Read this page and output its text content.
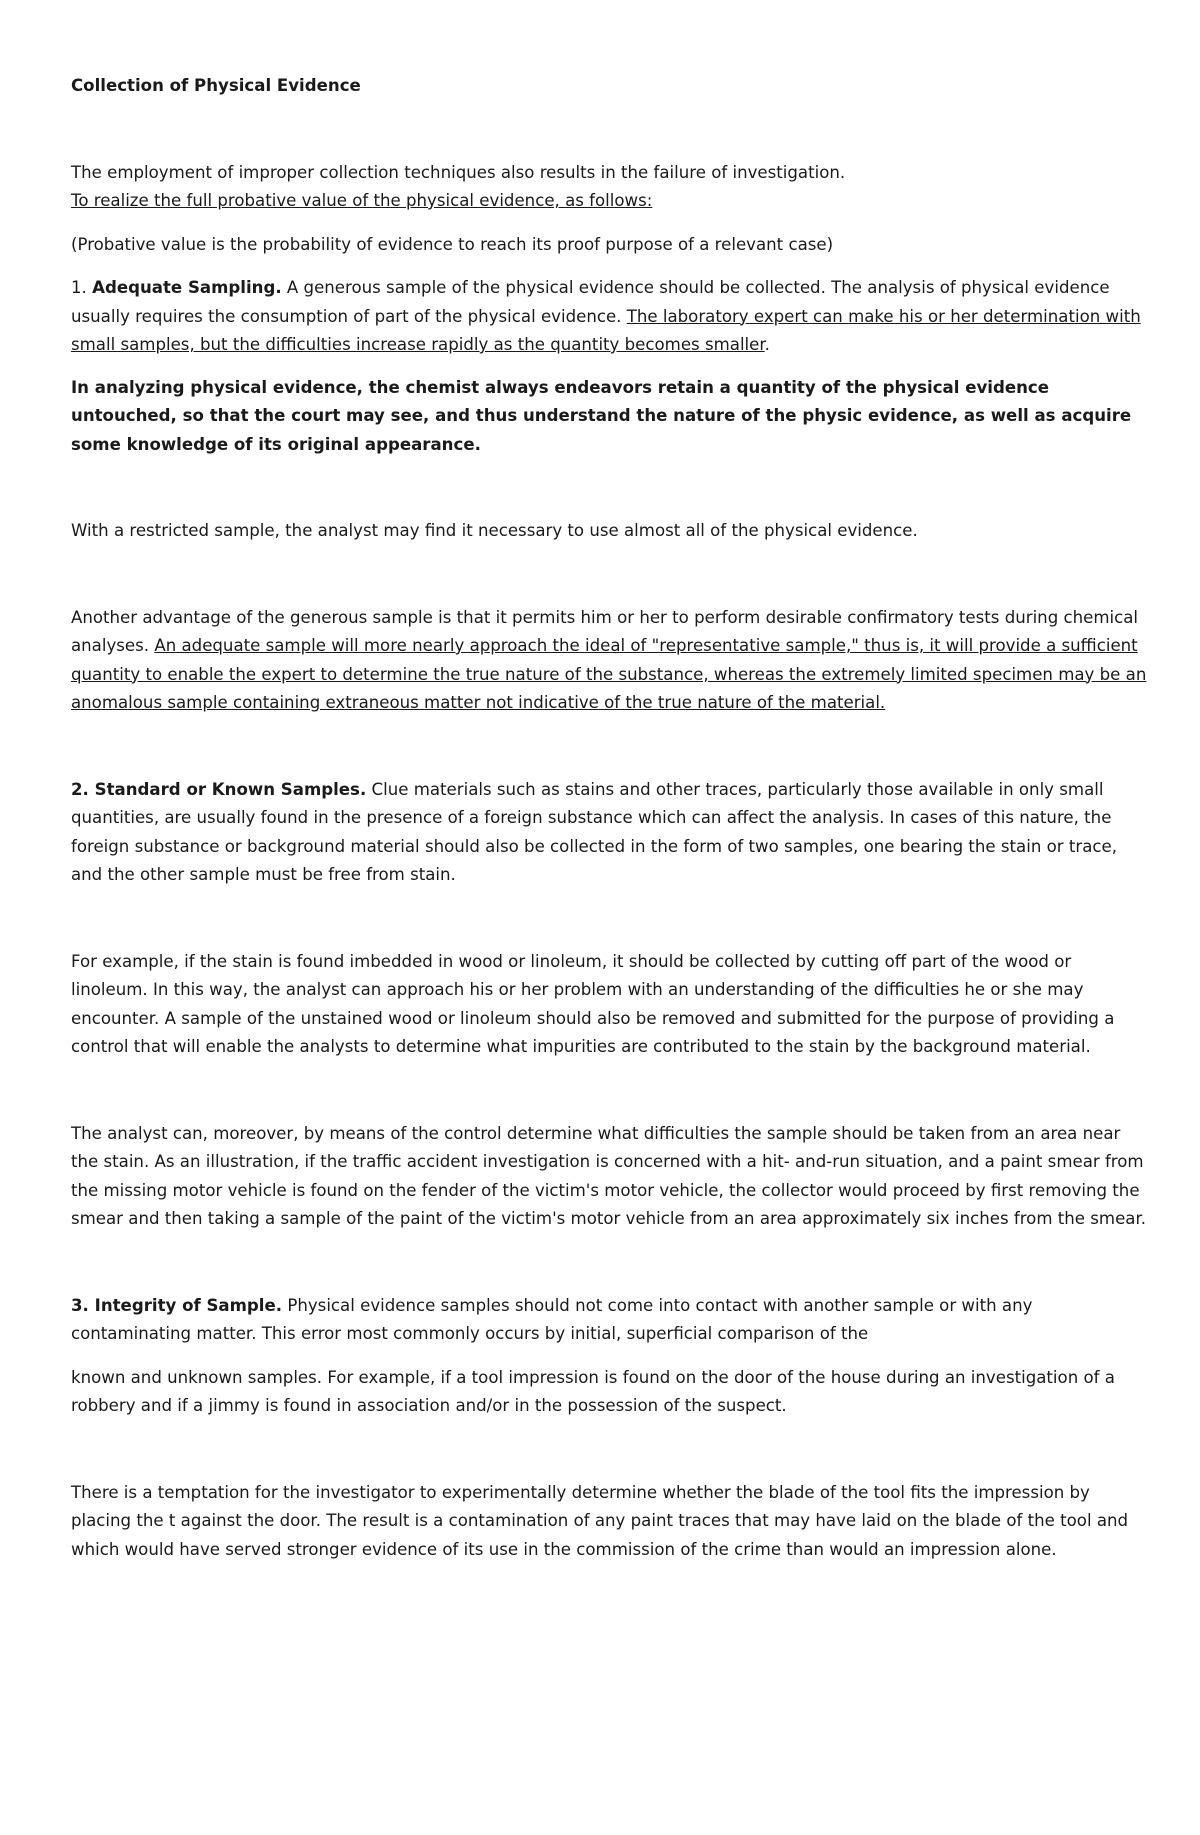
Collection of Physical Evidence

The employment of improper collection techniques also results in the failure of investigation.

To realize the full probative value of the physical evidence, as follows:

(Probative value is the probability of evidence to reach its proof purpose of a relevant case)

1. Adequate Sampling. A generous sample of the physical evidence should be collected. The analysis of physical evidence usually requires the consumption of part of the physical evidence. The laboratory expert can make his or her determination with small samples, but the difficulties increase rapidly as the quantity becomes smaller.

In analyzing physical evidence, the chemist always endeavors retain a quantity of the physical evidence untouched, so that the court may see, and thus understand the nature of the physic evidence, as well as acquire some knowledge of its original appearance.

With a restricted sample, the analyst may find it necessary to use almost all of the physical evidence.

Another advantage of the generous sample is that it permits him or her to perform desirable confirmatory tests during chemical analyses. An adequate sample will more nearly approach the ideal of "representative sample," thus is, it will provide a sufficient quantity to enable the expert to determine the true nature of the substance, whereas the extremely limited specimen may be an anomalous sample containing extraneous matter not indicative of the true nature of the material.

2. Standard or Known Samples. Clue materials such as stains and other traces, particularly those available in only small quantities, are usually found in the presence of a foreign substance which can affect the analysis. In cases of this nature, the foreign substance or background material should also be collected in the form of two samples, one bearing the stain or trace, and the other sample must be free from stain.

For example, if the stain is found imbedded in wood or linoleum, it should be collected by cutting off part of the wood or linoleum. In this way, the analyst can approach his or her problem with an understanding of the difficulties he or she may encounter. A sample of the unstained wood or linoleum should also be removed and submitted for the purpose of providing a control that will enable the analysts to determine what impurities are contributed to the stain by the background material.

The analyst can, moreover, by means of the control determine what difficulties the sample should be taken from an area near the stain. As an illustration, if the traffic accident investigation is concerned with a hit- and-run situation, and a paint smear from the missing motor vehicle is found on the fender of the victim's motor vehicle, the collector would proceed by first removing the smear and then taking a sample of the paint of the victim's motor vehicle from an area approximately six inches from the smear.

3. Integrity of Sample. Physical evidence samples should not come into contact with another sample or with any contaminating matter. This error most commonly occurs by initial, superficial comparison of the

known and unknown samples. For example, if a tool impression is found on the door of the house during an investigation of a robbery and if a jimmy is found in association and/or in the possession of the suspect.

There is a temptation for the investigator to experimentally determine whether the blade of the tool fits the impression by placing the t against the door. The result is a contamination of any paint traces that may have laid on the blade of the tool and which would have served stronger evidence of its use in the commission of the crime than would an impression alone.
